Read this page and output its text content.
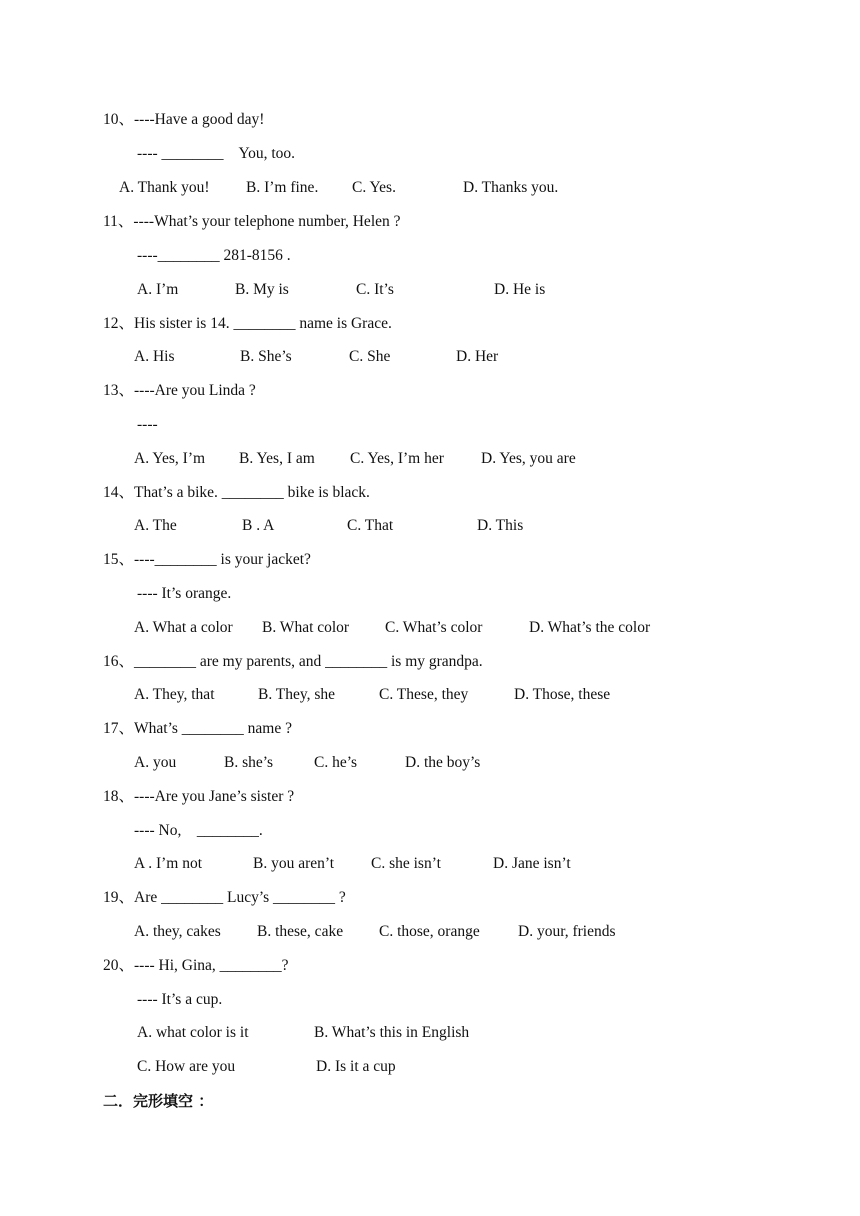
10、----Have a good day!
---- ________    You, too.
A. Thank you! B. I’m fine. C. Yes.	D. Thanks you.
11、----What’s your telephone number, Helen ?
----________ 281-8156 .
A. I’m	B. My is	C. It’s	D. He is
12、His sister is 14. ________ name is Grace.
A. His	B. She’s	C. She	D. Her
13、----Are you Linda ?
----
A. Yes, I’m B. Yes, I am C. Yes, I’m her D. Yes, you are
14、That’s a bike. ________ bike is black.
A. The	B . A	C. That	D. This
15、----________ is your jacket?
---- It’s orange.
A. What a color B. What color C. What’s color	D. What’s the color
16、________ are my parents, and ________ is my grandpa.
A. They, that	B. They, she	C. These, they	D. Those, these
17、What’s ________ name ?
A. you	B. she’s	C. he’s	D. the boy’s
18、----Are you Jane’s sister ?
---- No,    ________.
A . I’m not	B. you aren’t C. she isn’t	D. Jane isn’t
19、Are ________ Lucy’s ________ ?
A. they, cakes B. these, cake C. those, orange D. your, friends
20、---- Hi, Gina, ________?
---- It’s a cup.
A. what color is it	B. What’s this in English
C. How are you	D. Is it a cup
二．完形填空 ：
